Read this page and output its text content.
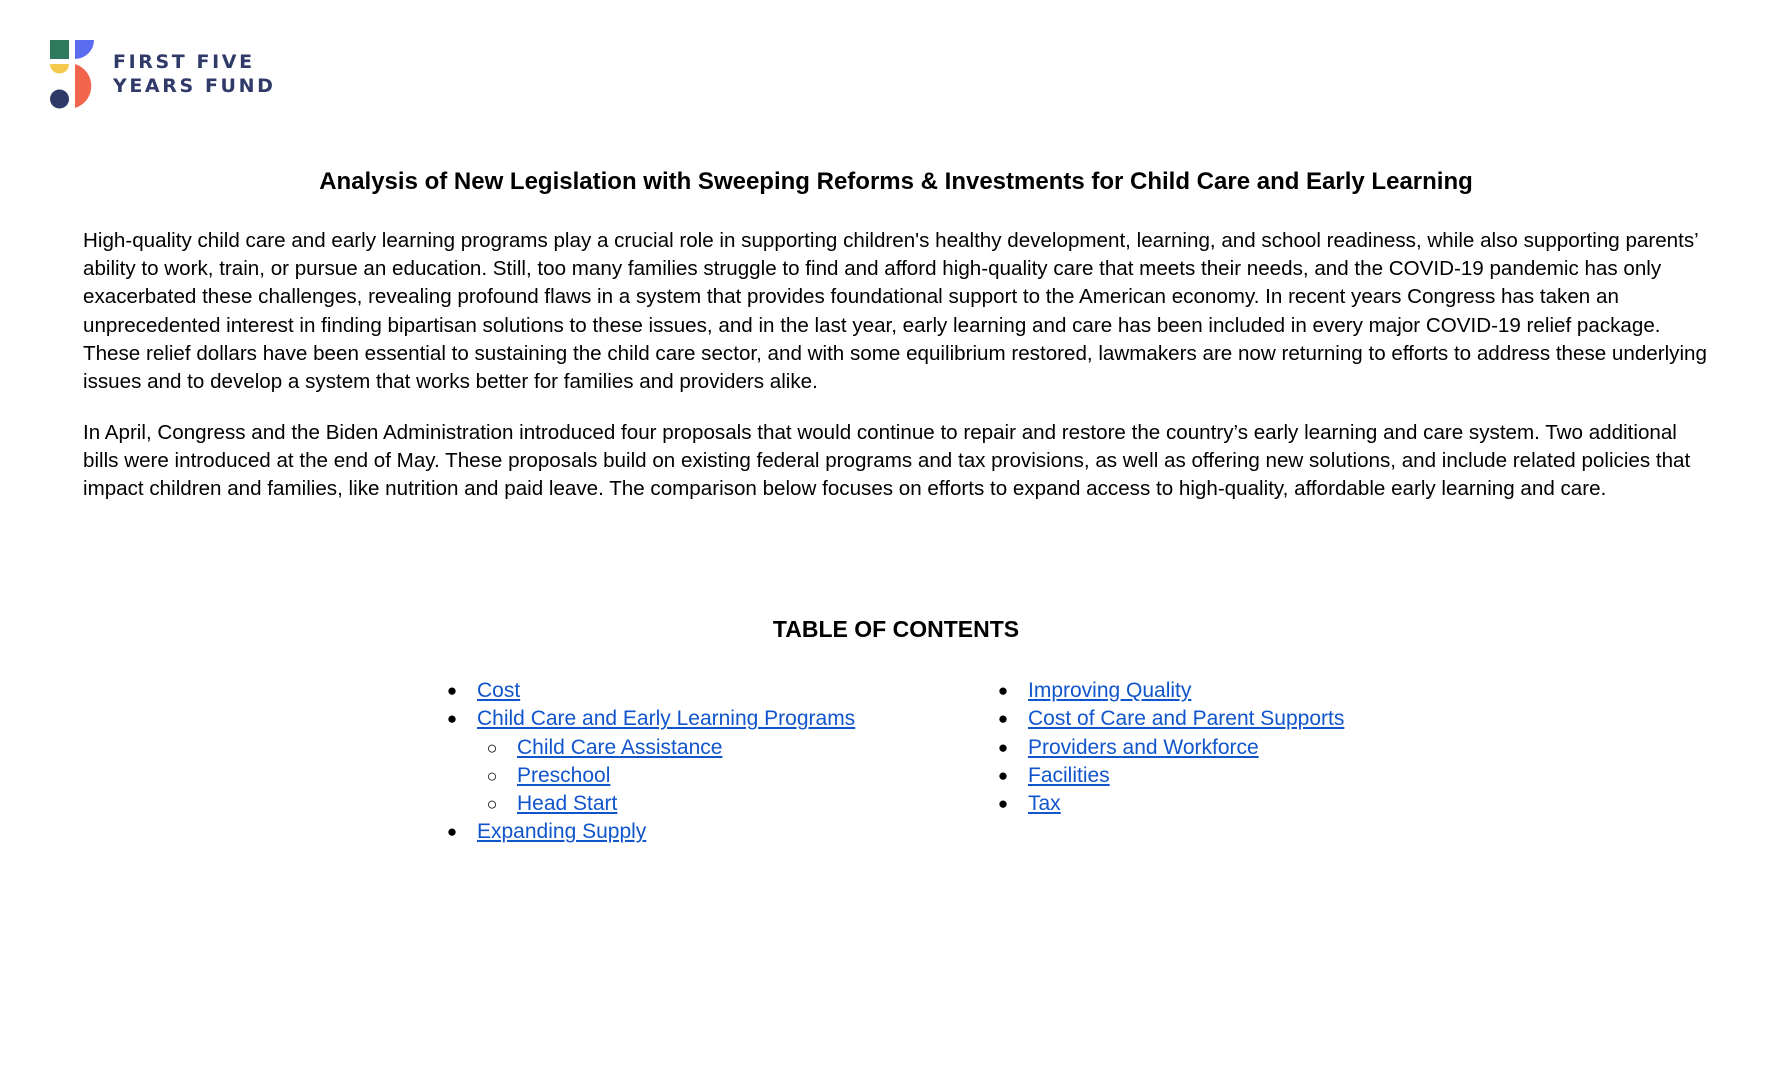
FIRST FIVE
YEARS FUND
Analysis of New Legislation with Sweeping Reforms & Investments for Child Care and Early Learning

High-quality child care and early learning programs play a crucial role in supporting children's healthy development, learning, and school readiness, while also supporting parents’ ability to work, train, or pursue an education. Still, too many families struggle to find and afford high-quality care that meets their needs, and the COVID-19 pandemic has only exacerbated these challenges, revealing profound flaws in a system that provides foundational support to the American economy. In recent years Congress has taken an unprecedented interest in finding bipartisan solutions to these issues, and in the last year, early learning and care has been included in every major COVID-19 relief package. These relief dollars have been essential to sustaining the child care sector, and with some equilibrium restored, lawmakers are now returning to efforts to address these underlying issues and to develop a system that works better for families and providers alike.

In April, Congress and the Biden Administration introduced four proposals that would continue to repair and restore the country’s early learning and care system. Two additional bills were introduced at the end of May. These proposals build on existing federal programs and tax provisions, as well as offering new solutions, and include related policies that impact children and families, like nutrition and paid leave. The comparison below focuses on efforts to expand access to high-quality, affordable early learning and care.

TABLE OF CONTENTS
● Cost
● Child Care and Early Learning Programs
○ Child Care Assistance
○ Preschool
○ Head Start
● Expanding Supply
● Improving Quality
● Cost of Care and Parent Supports
● Providers and Workforce
● Facilities
● Tax
